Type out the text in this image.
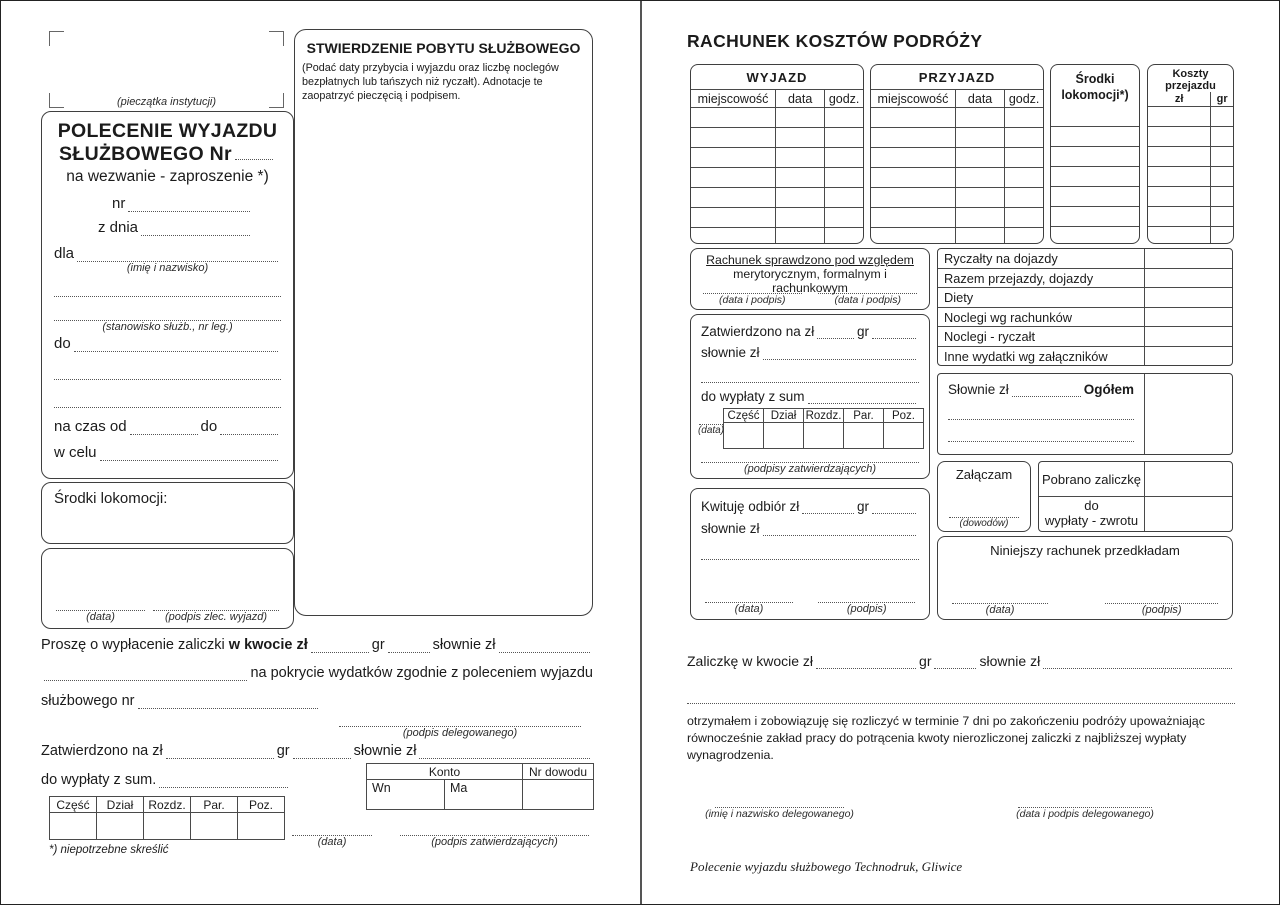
(pieczątka instytucji)
POLECENIE WYJAZDU
SŁUŻBOWEGO Nr
na wezwanie - zaproszenie *)
nr
z dnia
dla
(imię i nazwisko)
(stanowisko służb., nr leg.)
do
na czas od	do
w celu
Środki lokomocji:
(data)	(podpis zlec. wyjazd)
STWIERDZENIE POBYTU SŁUŻBOWEGO
(Podać daty przybycia i wyjazdu oraz liczbę noclegów bezpłatnych lub tańszych niż ryczałt). Adnotacje te zaopatrzyć pieczęcią i podpisem.
Proszę o wypłacenie zaliczki
w kwocie zł	gr	słownie zł
na pokrycie wydatków zgodnie z poleceniem wyjazdu
służbowego nr
(podpis delegowanego)
Zatwierdzono na zł	gr	słownie zł
do wypłaty z sum.
Konto		Nr dowodu
Wn	Ma	
Część	Dział	Rozdz.	Par.	Poz.

*) niepotrzebne skreślić
(data)	(podpis zatwierdzających)
RACHUNEK KOSZTÓW PODRÓŻY
WYJAZD		
miejscowość	data	godz.

PRZYJAZD		
miejscowość	data	godz.

Środki
lokomocji*)

Koszty
przejazdu
zł	gr

Rachunek sprawdzono pod względem
merytorycznym, formalnym i rachunkowym
(data i podpis)	(data i podpis)
Ryczałty na dojazdy
Razem przejazdy, dojazdy
Diety
Noclegi wg rachunków
Noclegi - ryczałt
Inne wydatki wg załączników
Zatwierdzono na zł	gr
słownie zł
do wypłaty z sum
Część	Dział	Rozdz.	Par.	Poz.

(data)
(podpisy zatwierdzających)
Słownie zł	Ogółem
Załączam
(dowodów)
Pobrano zaliczkę
do
wypłaty - zwrotu
Kwituję odbiór zł	gr
słownie zł
(data)	(podpis)
Niniejszy rachunek przedkładam
(data)	(podpis)
Zaliczkę w kwocie zł	gr	słownie zł
otrzymałem i zobowiązuję się rozliczyć w terminie 7 dni po zakończeniu podróży upoważniając równocześnie zakład pracy do potrącenia kwoty nierozliczonej zaliczki z najbliższej wypłaty wynagrodzenia.
(imię i nazwisko delegowanego)	(data i podpis delegowanego)
Polecenie wyjazdu służbowego Technodruk, Gliwice
